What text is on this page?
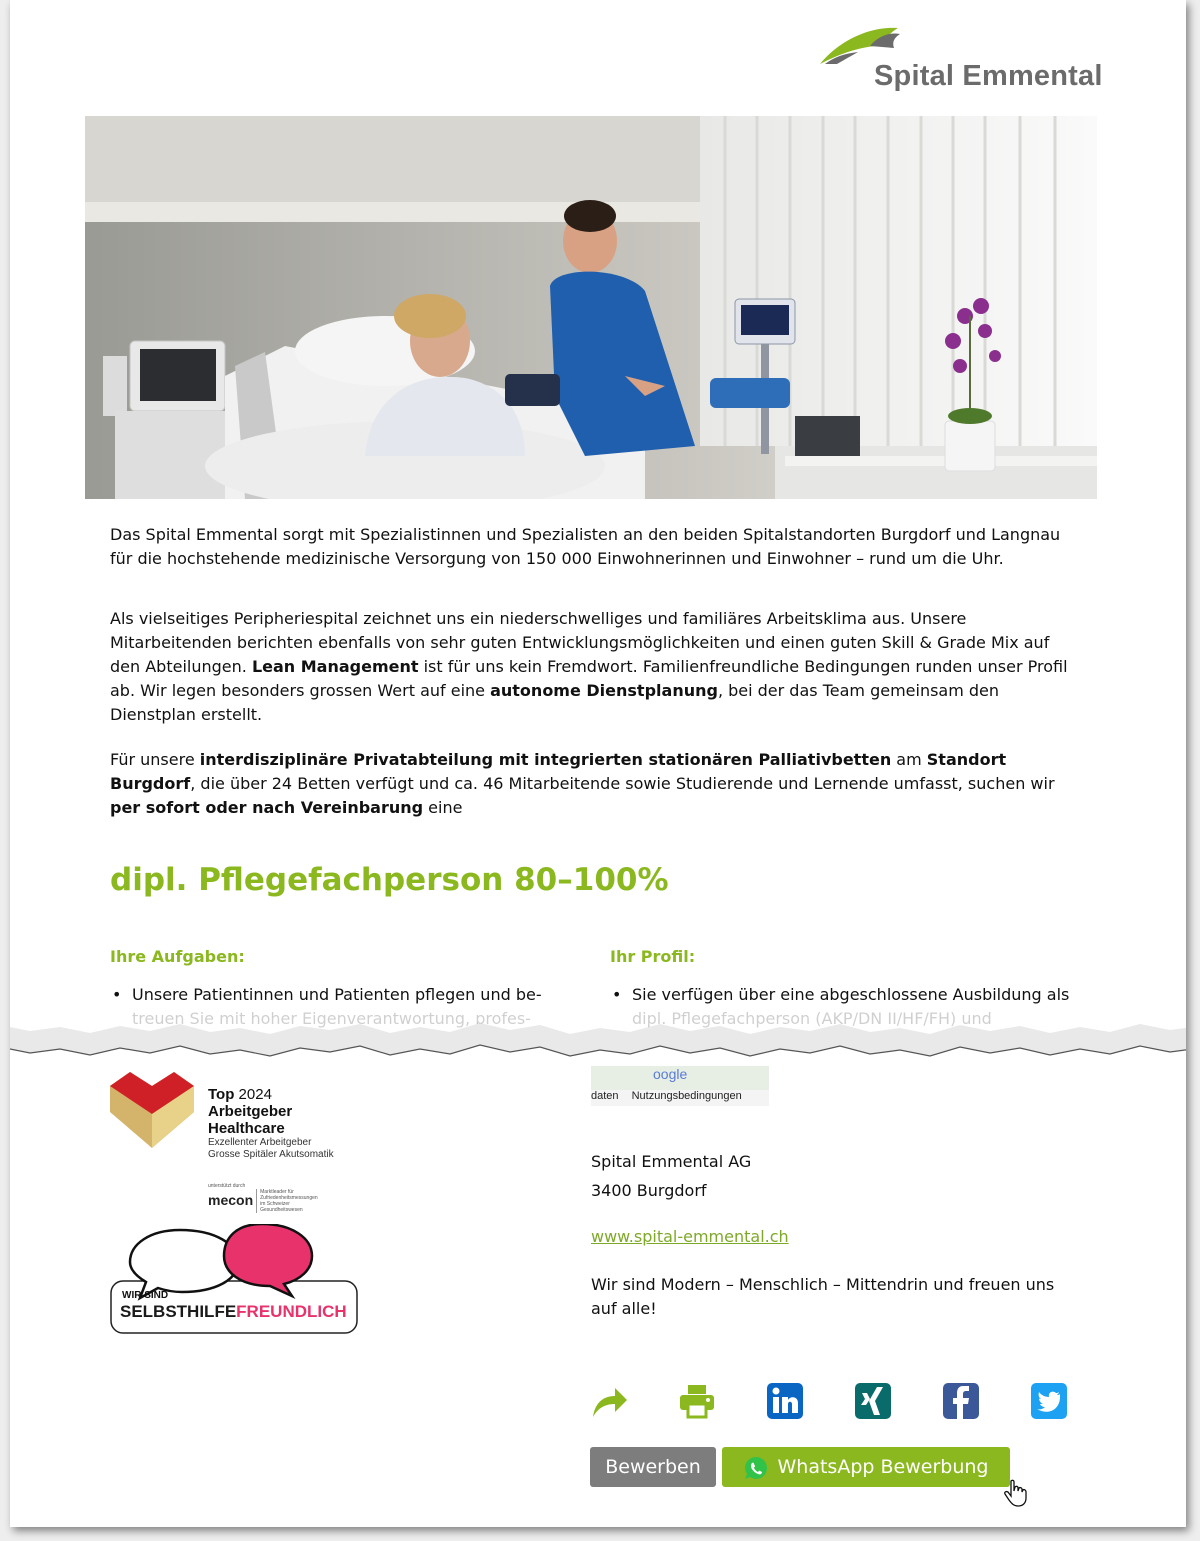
Spital Emmental

Das Spital Emmental sorgt mit Spezialistinnen und Spezialisten an den beiden Spitalstandorten Burgdorf und Langnau für die hochstehende medizinische Versorgung von 150 000 Einwohnerinnen und Einwohner – rund um die Uhr.

Als vielseitiges Peripheriespital zeichnet uns ein niederschwelliges und familiäres Arbeitsklima aus. Unsere Mitarbeitenden berichten ebenfalls von sehr guten Entwicklungsmöglichkeiten und einen guten Skill & Grade Mix auf den Abteilungen. Lean Management ist für uns kein Fremdwort. Familienfreundliche Bedingungen runden unser Profil ab. Wir legen besonders grossen Wert auf eine autonome Dienstplanung, bei der das Team gemeinsam den Dienstplan erstellt.

Für unsere interdisziplinäre Privatabteilung mit integrierten stationären Palliativbetten am Standort Burgdorf, die über 24 Betten verfügt und ca. 46 Mitarbeitende sowie Studierende und Lernende umfasst, suchen wir per sofort oder nach Vereinbarung eine

dipl. Pflegefachperson 80–100%
Ihre Aufgaben:	Ihr Profil:
• Unsere Patientinnen und Patienten pflegen und be-	• Sie verfügen über eine abgeschlossene Ausbildung als
Top 2024
Arbeitgeber
Healthcare
Exzellenter Arbeitgeber
Grosse Spitäler Akutsomatik
unterstützt durch
meconMarktleader für Zufriedenheitsmessungen im Schweizer Gesundheitswesen
WIR SIND
SELBSTHILFEFREUNDLICH
oogle
daten Nutzungsbedingungen
Spital Emmental AG
3400 Burgdorf
www.spital-emmental.ch
Wir sind Modern – Menschlich – Mittendrin und freuen uns auf alle!
Bewerben	WhatsApp Bewerbung
